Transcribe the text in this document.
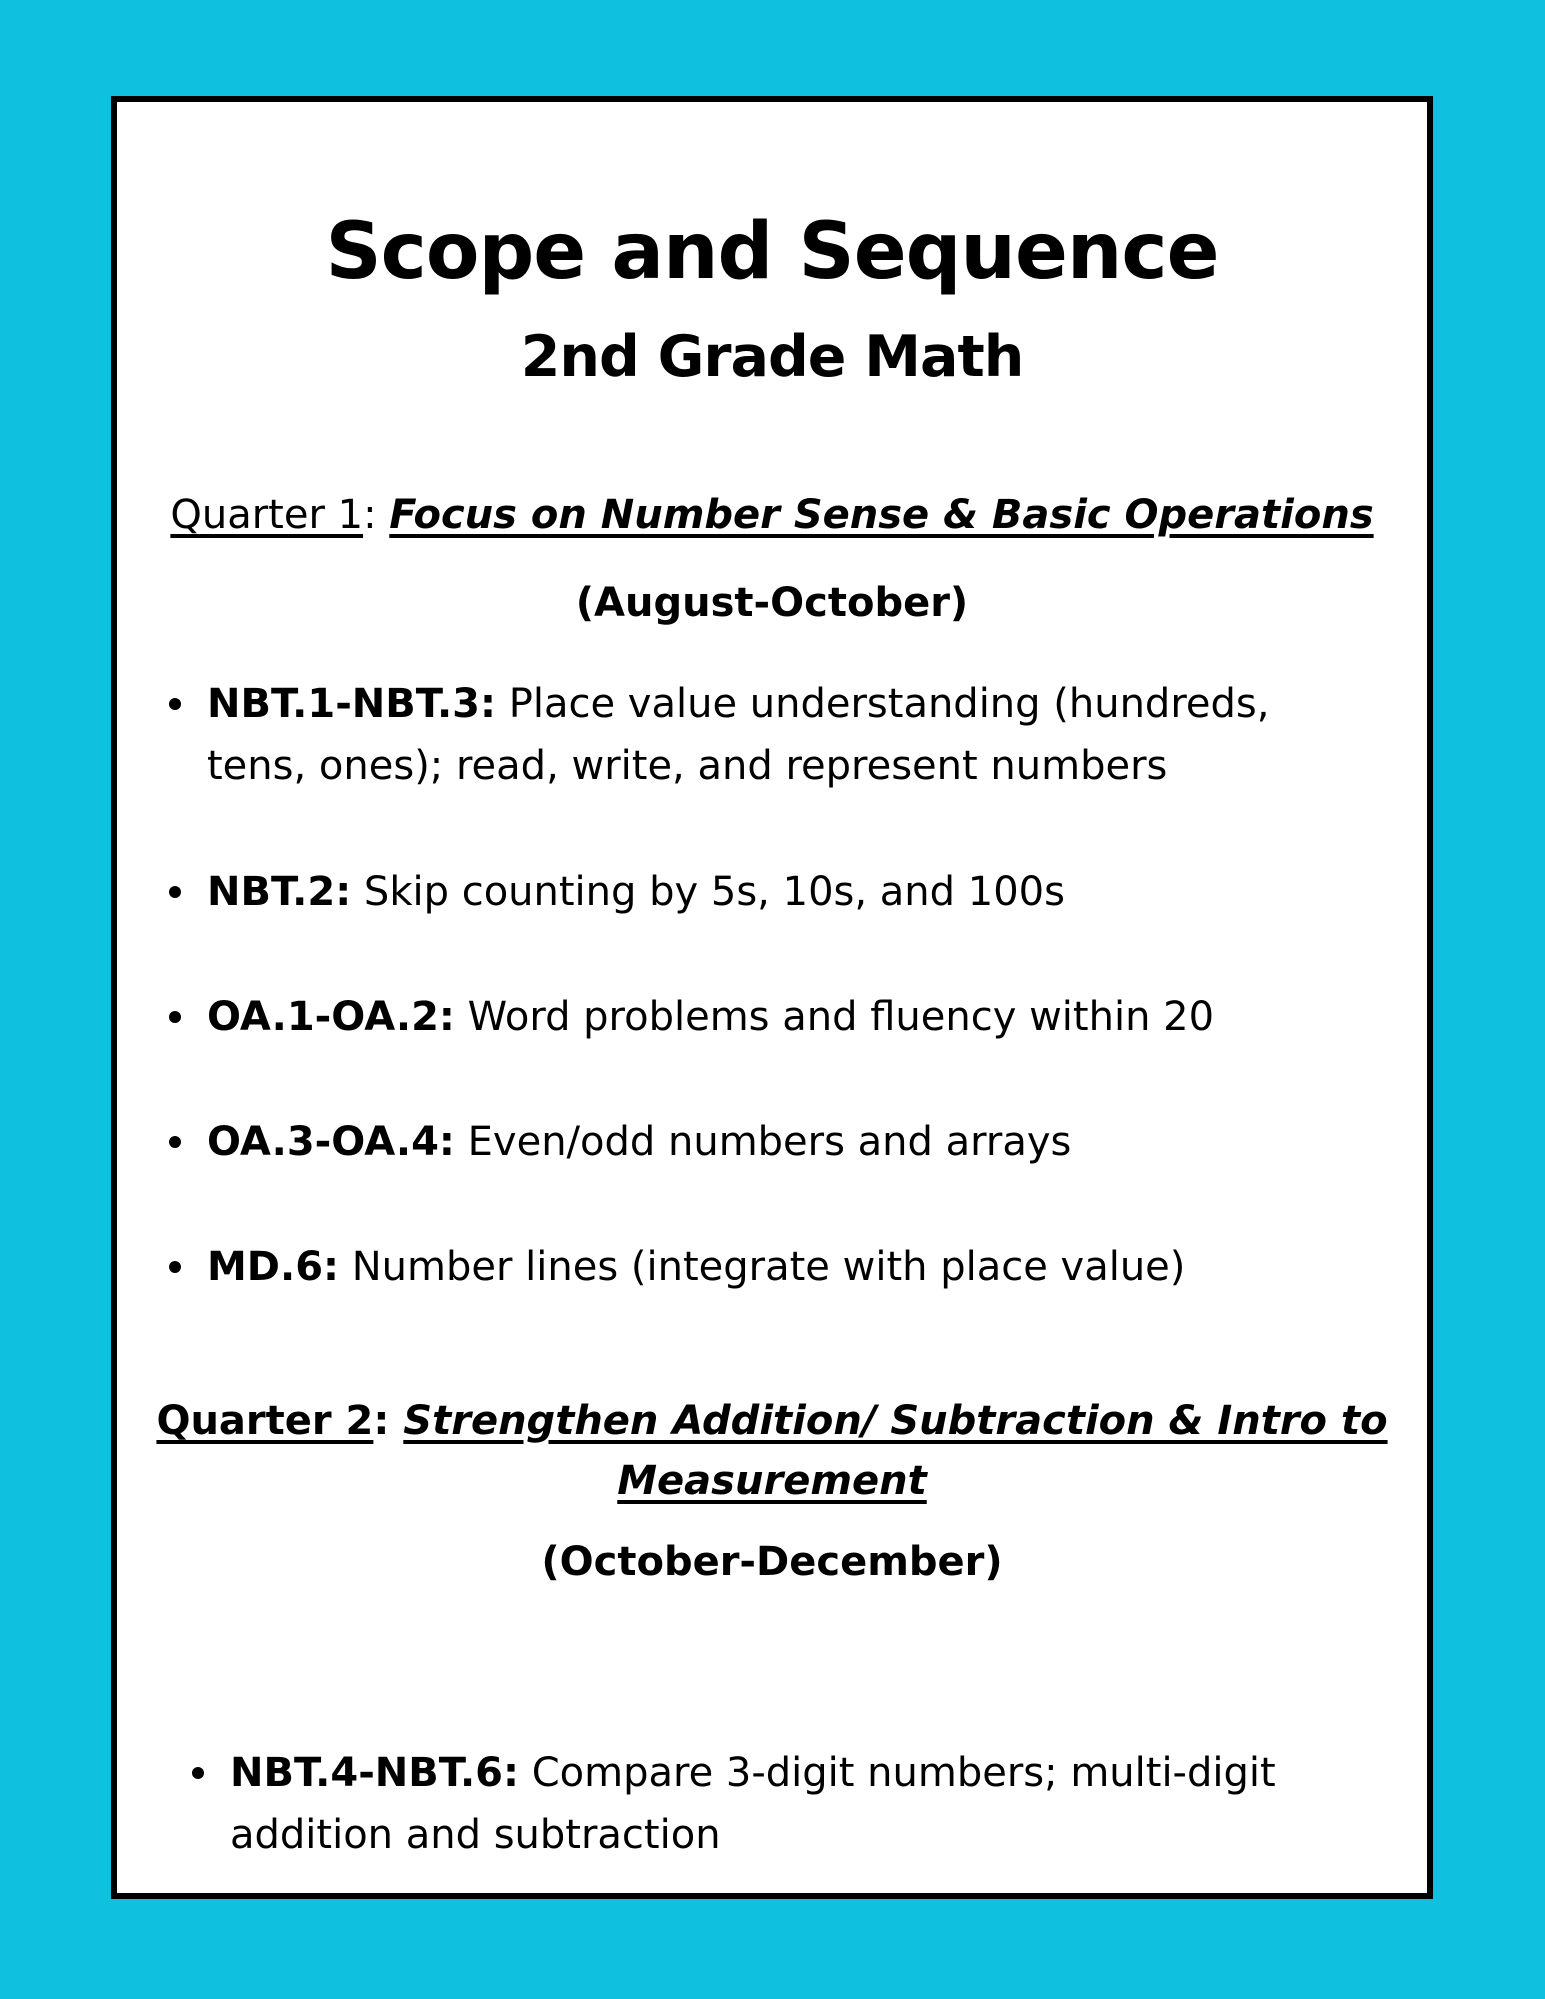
Scope and Sequence
2nd Grade Math
Quarter 1: Focus on Number Sense & Basic Operations
(August-October)
NBT.1-NBT.3: Place value understanding (hundreds, tens, ones); read, write, and represent numbers
NBT.2: Skip counting by 5s, 10s, and 100s
OA.1-OA.2: Word problems and fluency within 20
OA.3-OA.4: Even/odd numbers and arrays
MD.6: Number lines (integrate with place value)
Quarter 2: Strengthen Addition/ Subtraction & Intro to Measurement
(October-December)
NBT.4-NBT.6: Compare 3-digit numbers; multi-digit addition and subtraction
